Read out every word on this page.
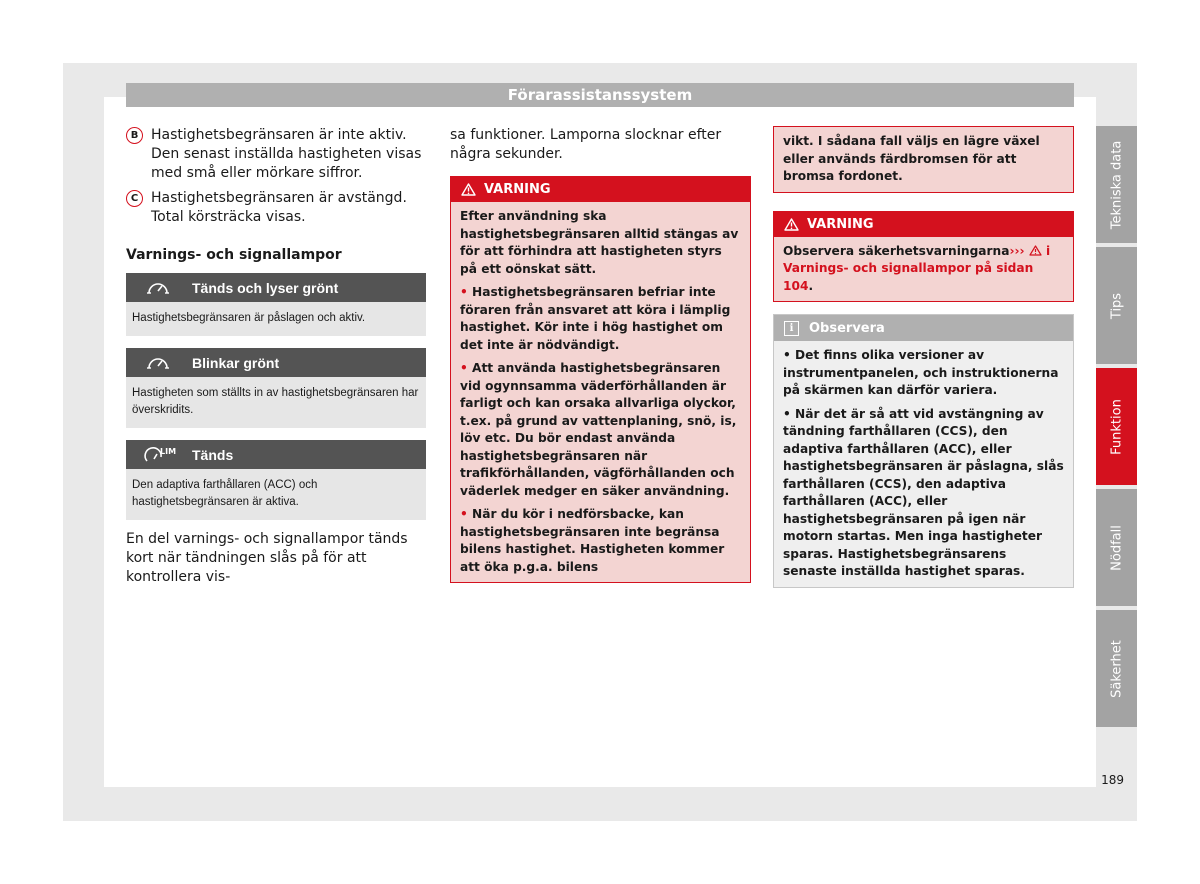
Förarassistanssystem
B Hastighetsbegränsaren är inte aktiv. Den senast inställda hastigheten visas med små eller mörkare siffror.
C Hastighetsbegränsaren är avstängd. Total körsträcka visas.
Varnings- och signallampor
Tänds och lyser grönt
Hastighetsbegränsaren är påslagen och aktiv.
Blinkar grönt
Hastigheten som ställts in av hastighetsbegränsaren har överskridits.
LIM Tänds
Den adaptiva farthållaren (ACC) och hastighetsbegränsaren är aktiva.
En del varnings- och signallampor tänds kort när tändningen slås på för att kontrollera vis-
sa funktioner. Lamporna slocknar efter några sekunder.
VARNING

Efter användning ska hastighetsbegränsaren alltid stängas av för att förhindra att hastigheten styrs på ett oönskat sätt.

• Hastighetsbegränsaren befriar inte föraren från ansvaret att köra i lämplig hastighet. Kör inte i hög hastighet om det inte är nödvändigt.

• Att använda hastighetsbegränsaren vid ogynnsamma väderförhållanden är farligt och kan orsaka allvarliga olyckor, t.ex. på grund av vattenplaning, snö, is, löv etc. Du bör endast använda hastighetsbegränsaren när trafikförhållanden, vägförhållanden och väderlek medger en säker användning.

• När du kör i nedförsbacke, kan hastighetsbegränsaren inte begränsa bilens hastighet. Hastigheten kommer att öka p.g.a. bilens

vikt. I sådana fall väljs en lägre växel eller används färdbromsen för att bromsa fordonet.
VARNING
Observera säkerhetsvarningarna››› i Varnings- och signallampor på sidan 104.
i	Observera

• Det finns olika versioner av instrumentpanelen, och instruktionerna på skärmen kan därför variera.

• När det är så att vid avstängning av tändning farthållaren (CCS), den adaptiva farthållaren (ACC), eller hastighetsbegränsaren är påslagna, slås farthållaren (CCS), den adaptiva farthållaren (ACC), eller hastighetsbegränsaren på igen när motorn startas. Men inga hastigheter sparas. Hastighetsbegränsarens senaste inställda hastighet sparas.

Tekniska data
Tips
Funktion
Nödfall
Säkerhet
189
